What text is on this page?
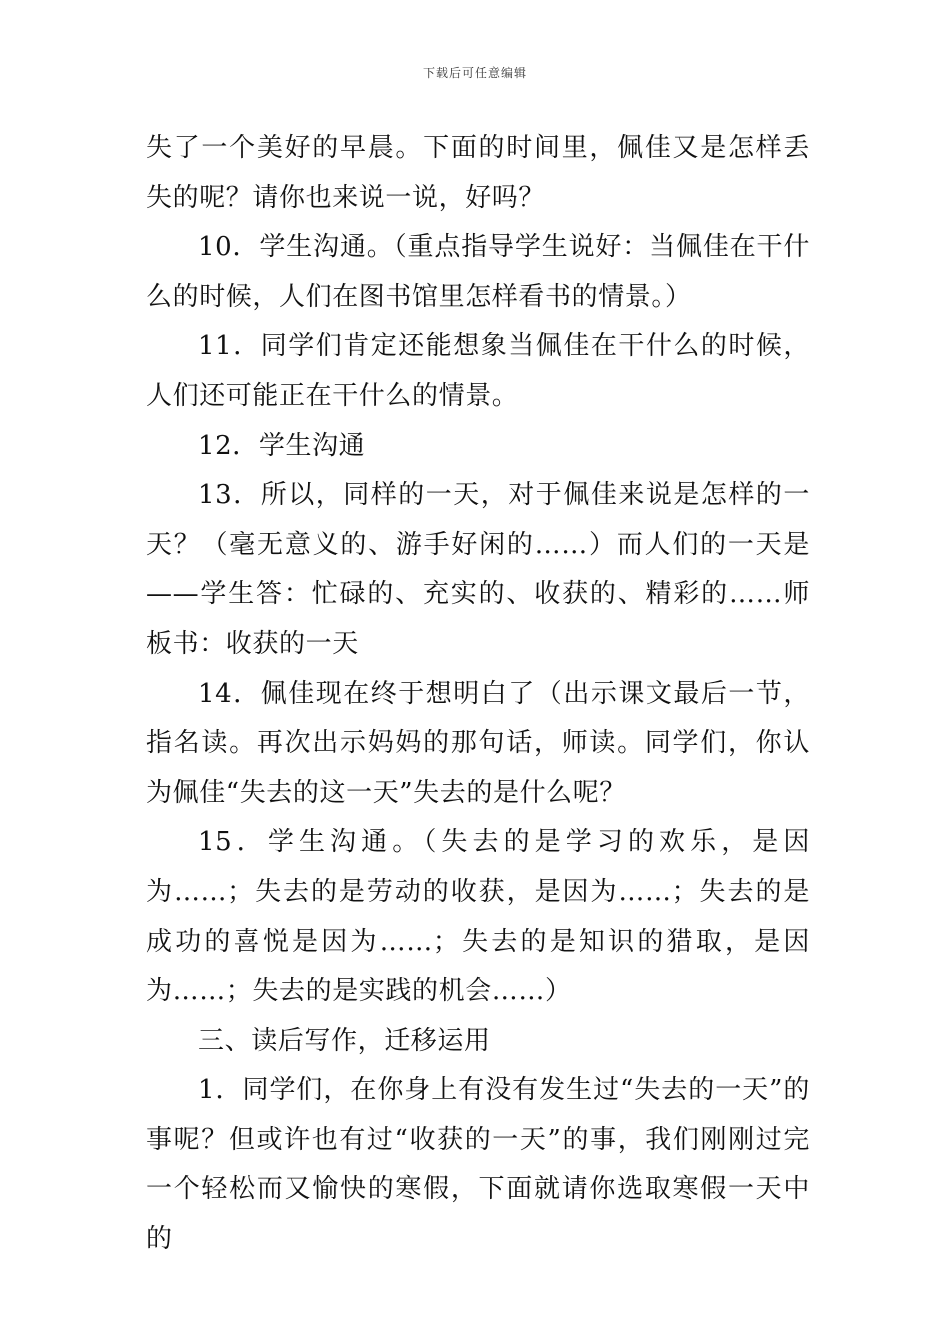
下载后可任意编辑

失了一个美好的早晨。下面的时间里，佩佳又是怎样丢失的呢？请你也来说一说，好吗？

10．学生沟通。（重点指导学生说好：当佩佳在干什么的时候，人们在图书馆里怎样看书的情景。）

11．同学们肯定还能想象当佩佳在干什么的时候，人们还可能正在干什么的情景。

12．学生沟通

13．所以，同样的一天，对于佩佳来说是怎样的一天？（毫无意义的、游手好闲的……）而人们的一天是——学生答：忙碌的、充实的、收获的、精彩的……师板书：收获的一天

14．佩佳现在终于想明白了（出示课文最后一节，指名读。再次出示妈妈的那句话，师读。同学们，你认为佩佳“失去的这一天”失去的是什么呢？

15．学生沟通。（失去的是学习的欢乐，是因为……；失去的是劳动的收获，是因为……；失去的是成功的喜悦是因为……；失去的是知识的猎取，是因为……；失去的是实践的机会……）

三、读后写作，迁移运用

1．同学们，在你身上有没有发生过“失去的一天”的事呢？但或许也有过“收获的一天”的事，我们刚刚过完一个轻松而又愉快的寒假，下面就请你选取寒假一天中的
